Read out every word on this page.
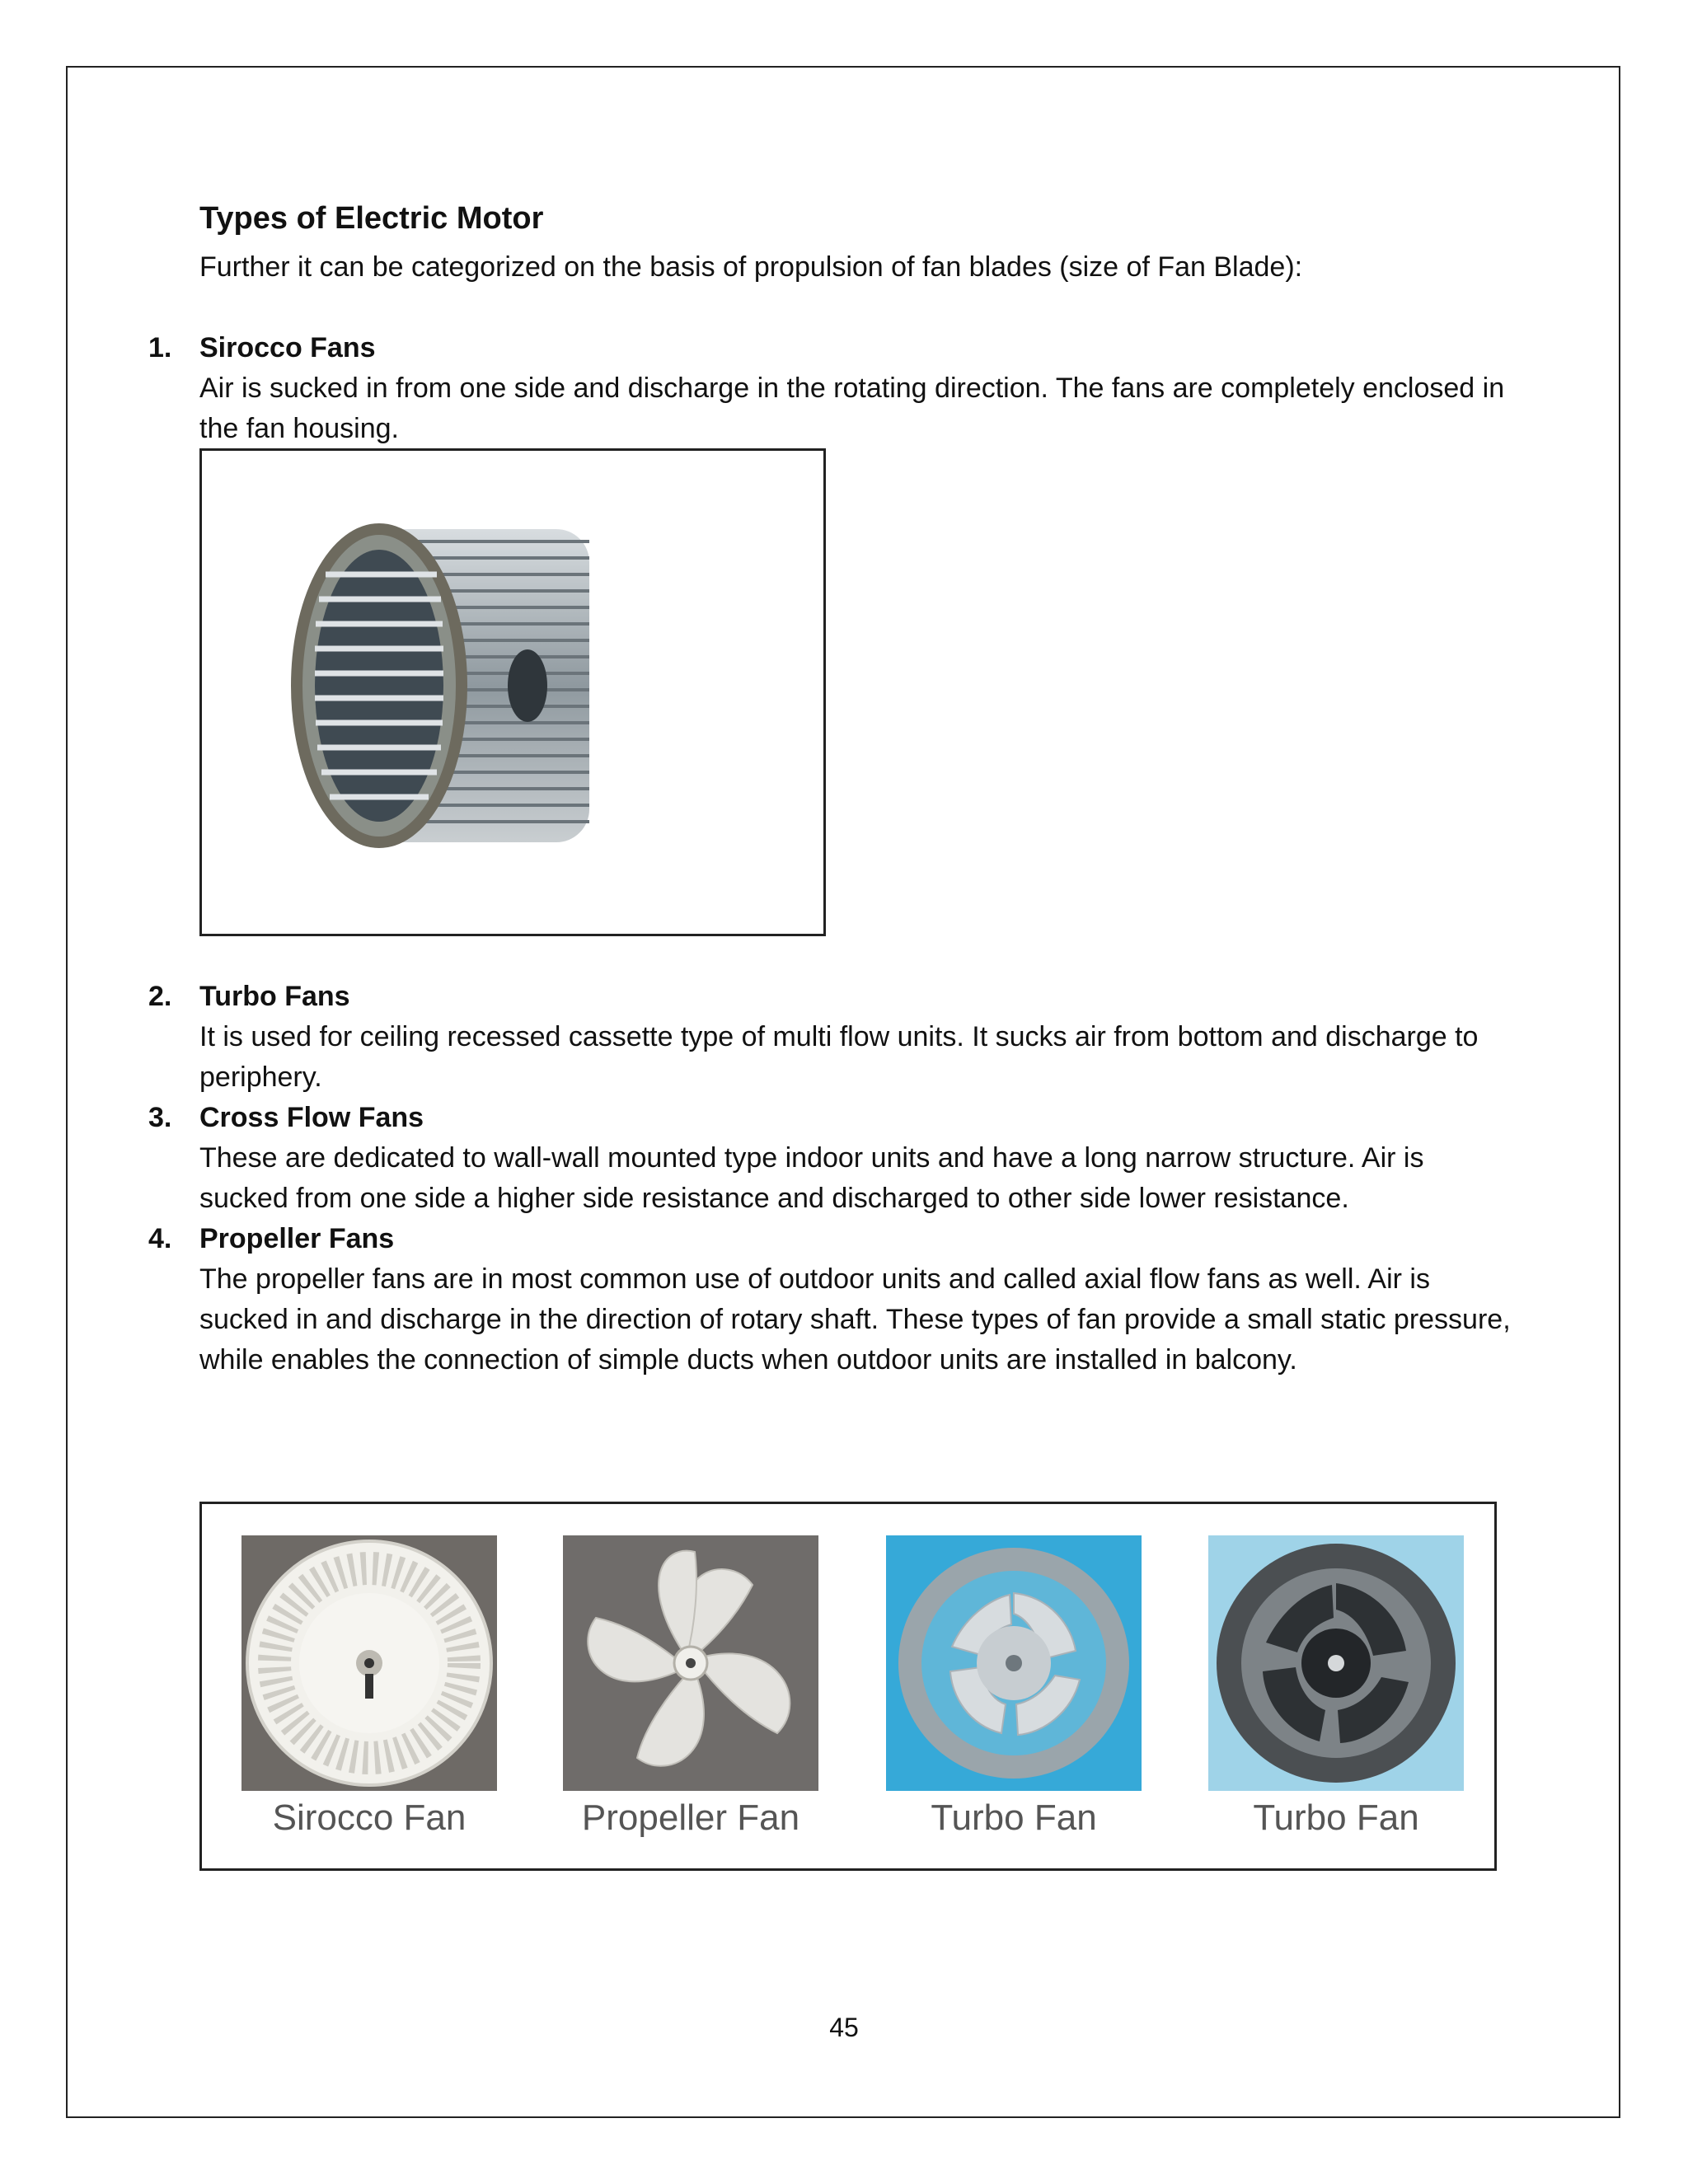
Types of Electric Motor
Further it can be categorized on the basis of propulsion of fan blades (size of Fan Blade):
1. Sirocco Fans
Air is sucked in from one side and discharge in the rotating direction. The fans are completely enclosed in the fan housing.
2. Turbo Fans
It is used for ceiling recessed cassette type of multi flow units. It sucks air from bottom and discharge to periphery.
3. Cross Flow Fans
These are dedicated to wall-wall mounted type indoor units and have a long narrow structure. Air is sucked from one side a higher side resistance and discharged to other side lower resistance.
4. Propeller Fans
The propeller fans are in most common use of outdoor units and called axial flow fans as well. Air is sucked in and discharge in the direction of rotary shaft. These types of fan provide a small static pressure, while enables the connection of simple ducts when outdoor units are installed in balcony.
Sirocco Fan	Propeller Fan	Turbo Fan	Turbo Fan
45
